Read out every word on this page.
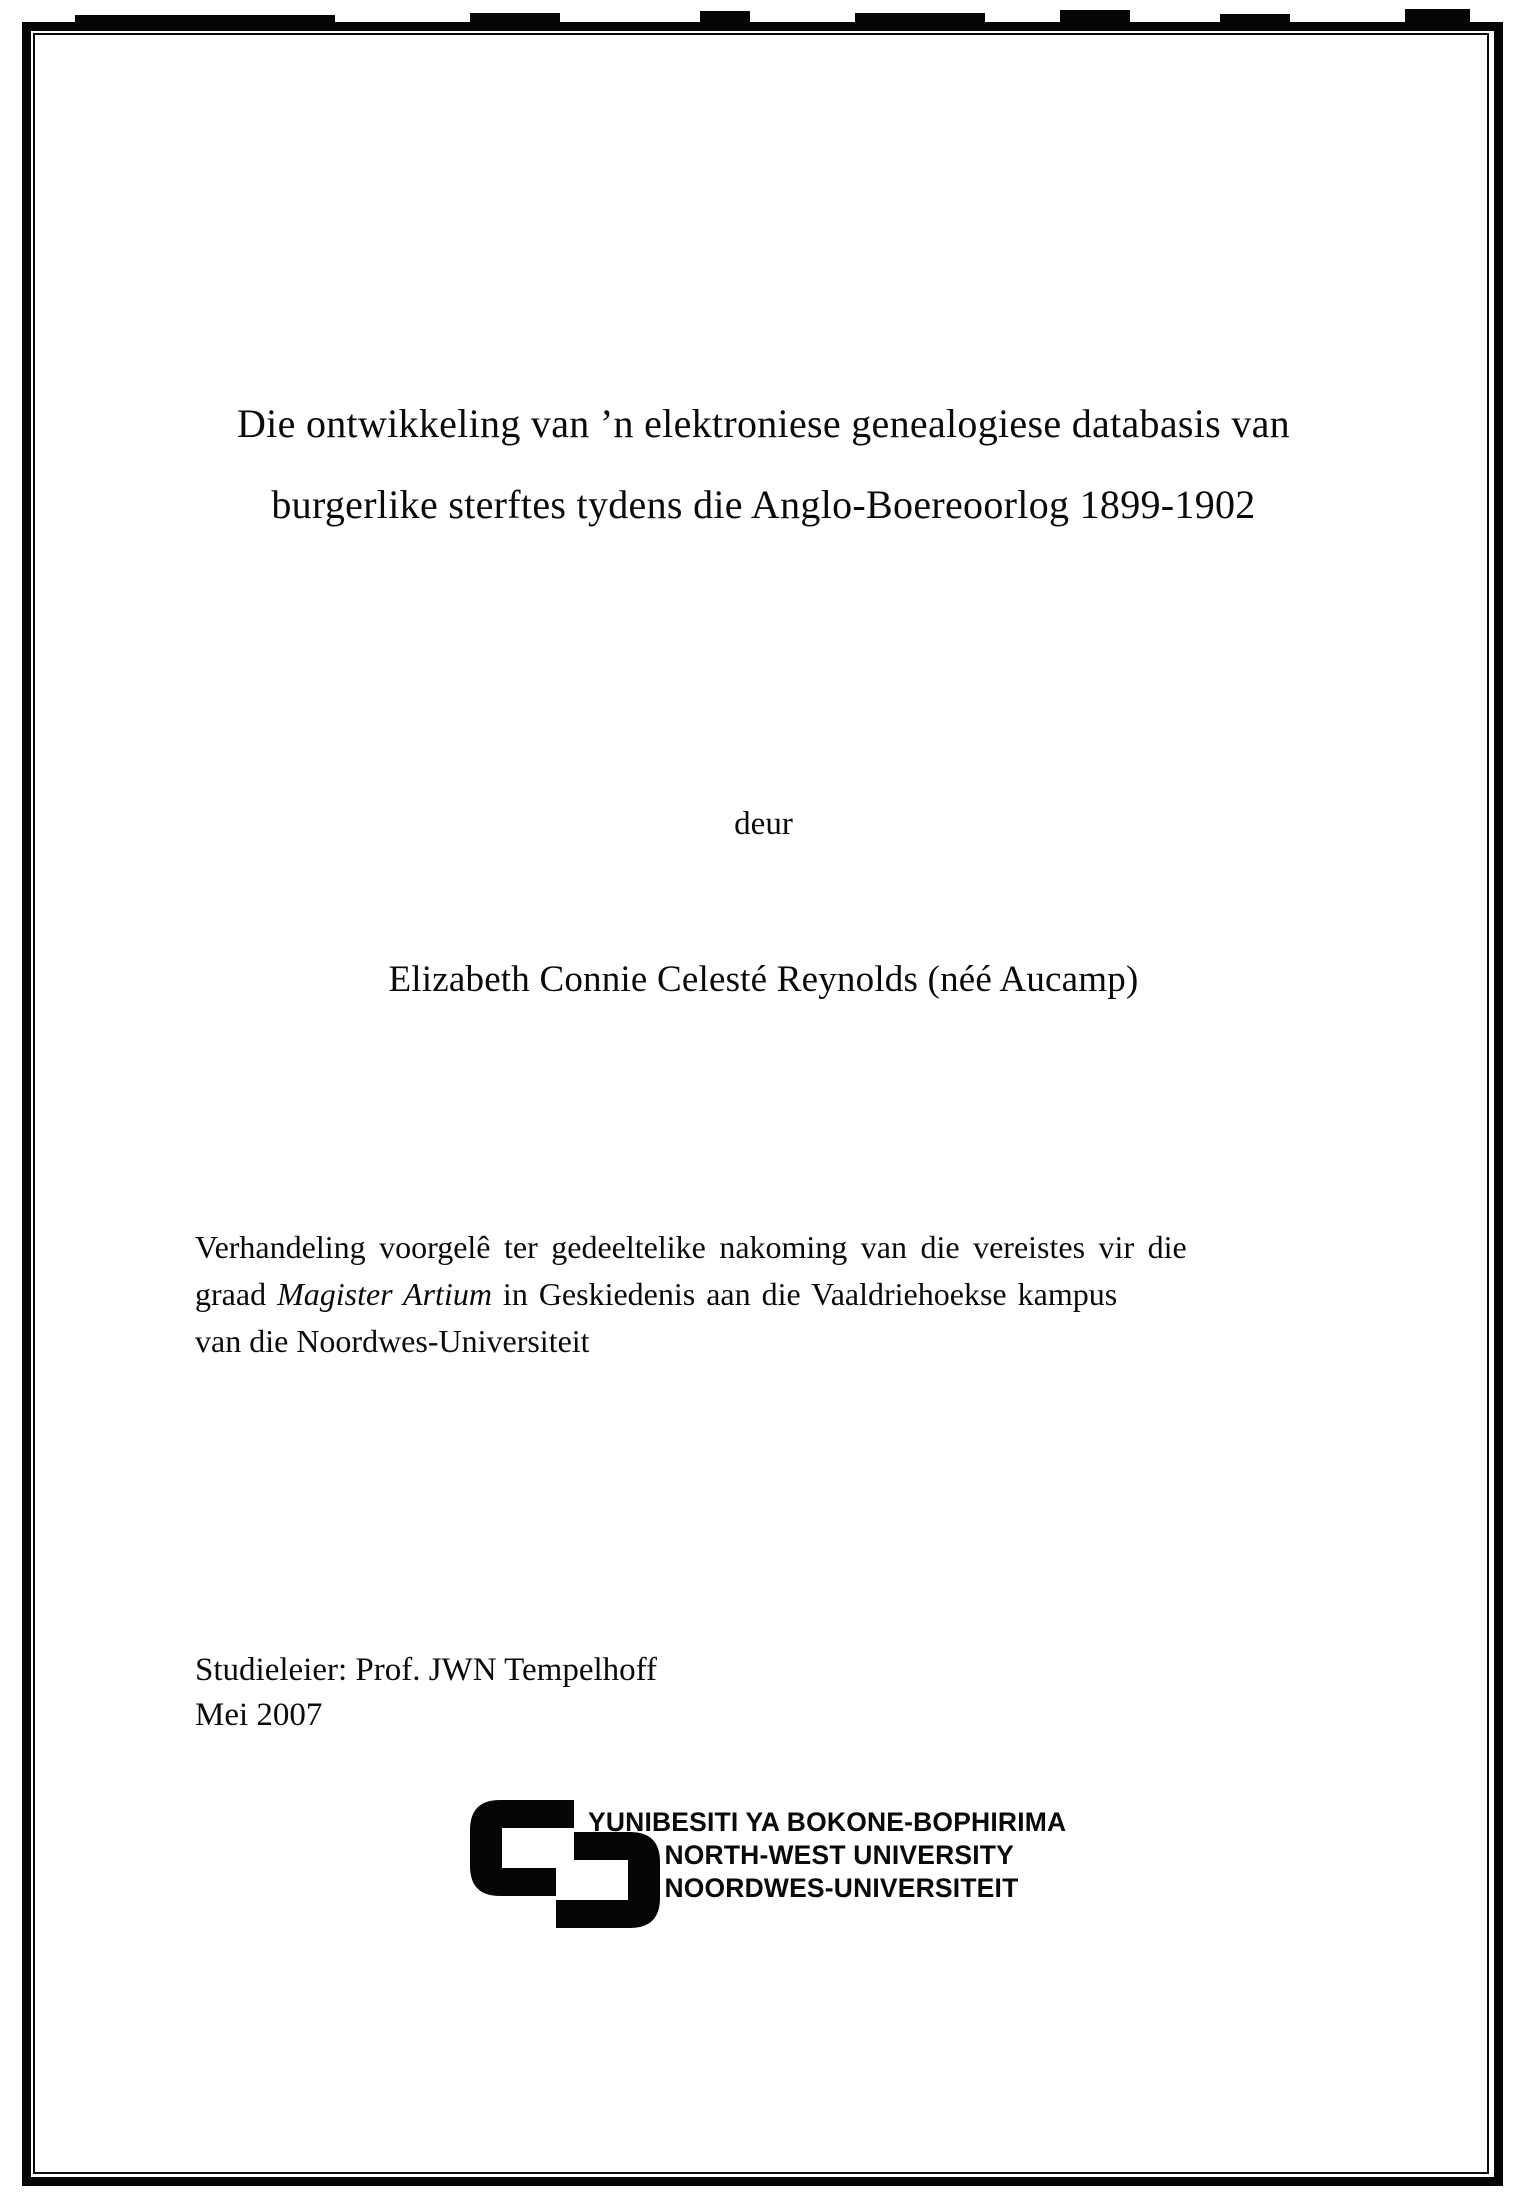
Die ontwikkeling van ’n elektroniese genealogiese databasis van
burgerlike sterftes tydens die Anglo-Boereoorlog 1899-1902
deur
Elizabeth Connie Celesté Reynolds (néé Aucamp)

Verhandeling voorgelê ter gedeeltelike nakoming van die vereistes vir die
graad Magister Artium in Geskiedenis aan die Vaaldriehoekse kampus
van die Noordwes-Universiteit

Studieleier: Prof. JWN Tempelhoff
Mei 2007
YUNIBESITI YA BOKONE-BOPHIRIMA
NORTH-WEST UNIVERSITY
NOORDWES-UNIVERSITEIT
